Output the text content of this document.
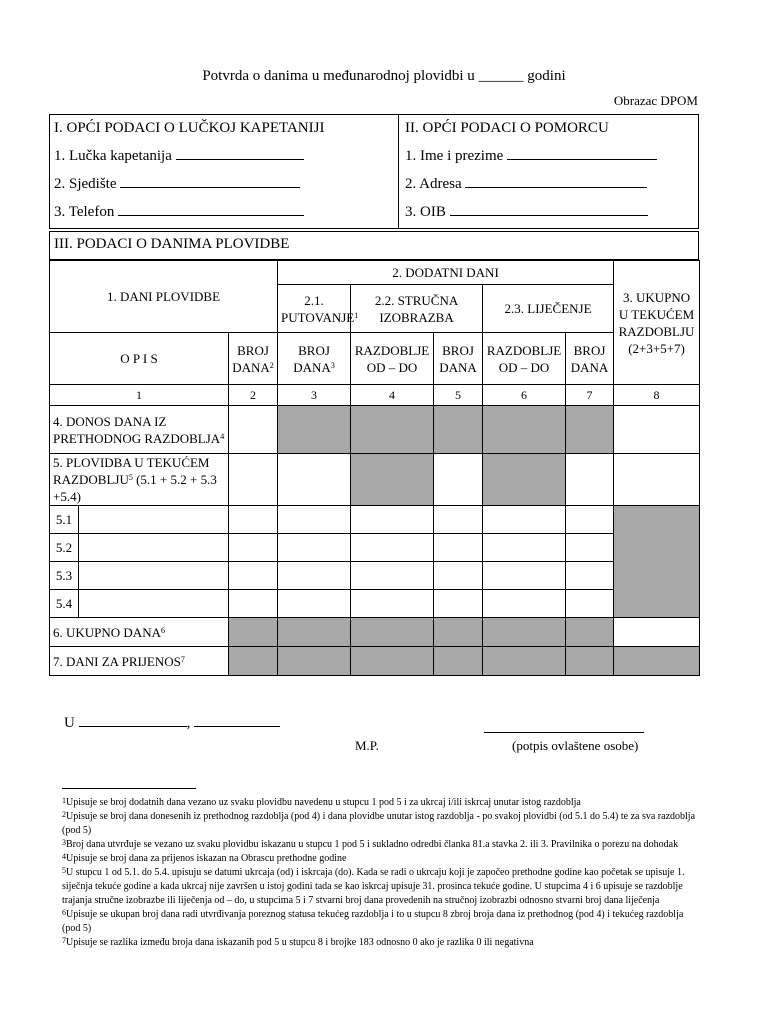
Potvrda o danima u međunarodnoj plovidbi u ______ godini
Obrazac DPOM
I. OPĆI PODACI O LUČKOJ KAPETANIJI
1. Lučka kapetanija
2. Sjedište
3. Telefon
II. OPĆI PODACI O POMORCU
1. Ime i prezime
2. Adresa
3. OIB
III. PODACI O DANIMA PLOVIDBE
1. DANI PLOVIDBE			2. DODATNI DANI					3. UKUPNO U TEKUĆEM RAZDOBLJU
(2+3+5+7)
			2.1. PUTOVANJE$^1$	2.2. STRUČNA IZOBRAZBA		2.3. LIJEČENJE		
O P I S		BROJ DANA$^2$	BROJ DANA$^3$	RAZDOBLJE OD – DO	BROJ DANA	RAZDOBLJE OD – DO	BROJ DANA	
1		2	3	4	5	6	7	8
4. DONOS DANA IZ PRETHODNOG RAZDOBLJA$^4$							
5. PLOVIDBA U TEKUĆEM RAZDOBLJU$^5$ (5.1 + 5.2 + 5.3 +5.4)								
5.1								
5.2								
5.3								
5.4								
6. UKUPNO DANA$^6$							
7. DANI ZA PRIJENOS$^7$							
U	,
M.P.	(potpis ovlaštene osobe)

$^1$Upisuje se broj dodatnih dana vezano uz svaku plovidbu navedenu u stupcu 1 pod 5 i za ukrcaj i/ili iskrcaj unutar istog razdoblja

$^2$Upisuje se broj dana donesenih iz prethodnog razdoblja (pod 4) i dana plovidbe unutar istog razdoblja - po svakoj plovidbi (od 5.1 do 5.4) te za sva razdoblja (pod 5)

$^3$Broj dana utvrđuje se vezano uz svaku plovidbu iskazanu u stupcu 1 pod 5 i sukladno odredbi članka 81.a stavka 2. ili 3. Pravilnika o porezu na dohodak

$^4$Upisuje se broj dana za prijenos iskazan na Obrascu prethodne godine

$^5$U stupcu 1 od 5.1. do 5.4. upisuju se datumi ukrcaja (od) i iskrcaja (do). Kada se radi o ukrcaju koji je započeo prethodne godine kao početak se upisuje 1. siječnja tekuće godine a kada ukrcaj nije završen u istoj godini tada se kao iskrcaj upisuje 31. prosinca tekuće godine. U stupcima 4 i 6 upisuje se razdoblje trajanja stručne izobrazbe ili liječenja od – do, u stupcima 5 i 7 stvarni broj dana provedenih na stručnoj izobrazbi odnosno stvarni broj dana liječenja

$^6$Upisuje se ukupan broj dana radi utvrđivanja poreznog statusa tekućeg razdoblja i to u stupcu 8 zbroj broja dana iz prethodnog (pod 4) i tekućeg razdoblja (pod 5)

$^7$Upisuje se razlika između broja dana iskazanih pod 5 u stupcu 8 i brojke 183 odnosno 0 ako je razlika 0 ili negativna
